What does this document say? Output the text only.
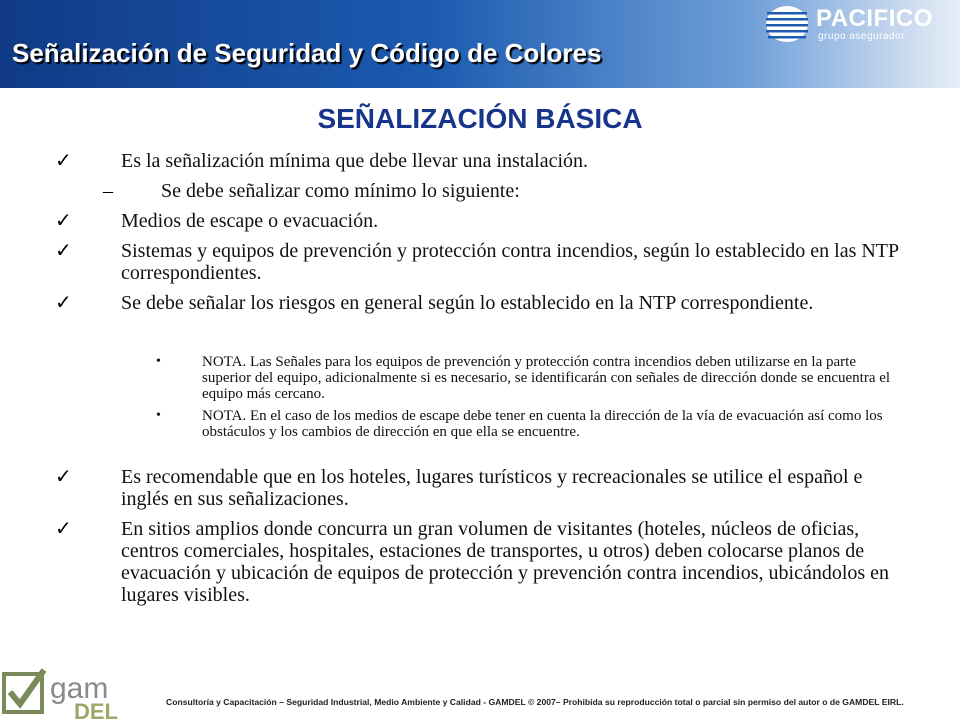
Señalización de Seguridad y Código de Colores
PACIFICO
grupo asegurador
SEÑALIZACIÓN BÁSICA
✓ Es la señalización mínima que debe llevar una instalación.
– Se debe señalizar como mínimo lo siguiente:
✓ Medios de escape o evacuación.
✓ Sistemas y equipos de prevención y protección contra incendios, según lo establecido en las NTP correspondientes.
✓ Se debe señalar los riesgos en general según lo establecido en la NTP correspondiente.
•	NOTA. Las Señales para los equipos de prevención y protección contra incendios deben utilizarse en la parte superior del equipo, adicionalmente si es necesario, se identificarán con señales de dirección donde se encuentra el equipo más cercano.
•	NOTA. En el caso de los medios de escape debe tener en cuenta la dirección de la vía de evacuación así como los obstáculos y los cambios de dirección en que ella se encuentre.
✓ Es recomendable que en los hoteles, lugares turísticos y recreacionales se utilice el español e inglés en sus señalizaciones.
✓ En sitios amplios donde concurra un gran volumen de visitantes (hoteles, núcleos de oficias, centros comerciales, hospitales, estaciones de transportes, u otros) deben colocarse planos de evacuación y ubicación de equipos de protección y prevención contra incendios, ubicándolos en lugares visibles.
gam
DEL	Consultoría y Capacitación – Seguridad Industrial, Medio Ambiente y Calidad - GAMDEL © 2007– Prohibida su reproducción total o parcial sin permiso del autor o de GAMDEL EIRL.
